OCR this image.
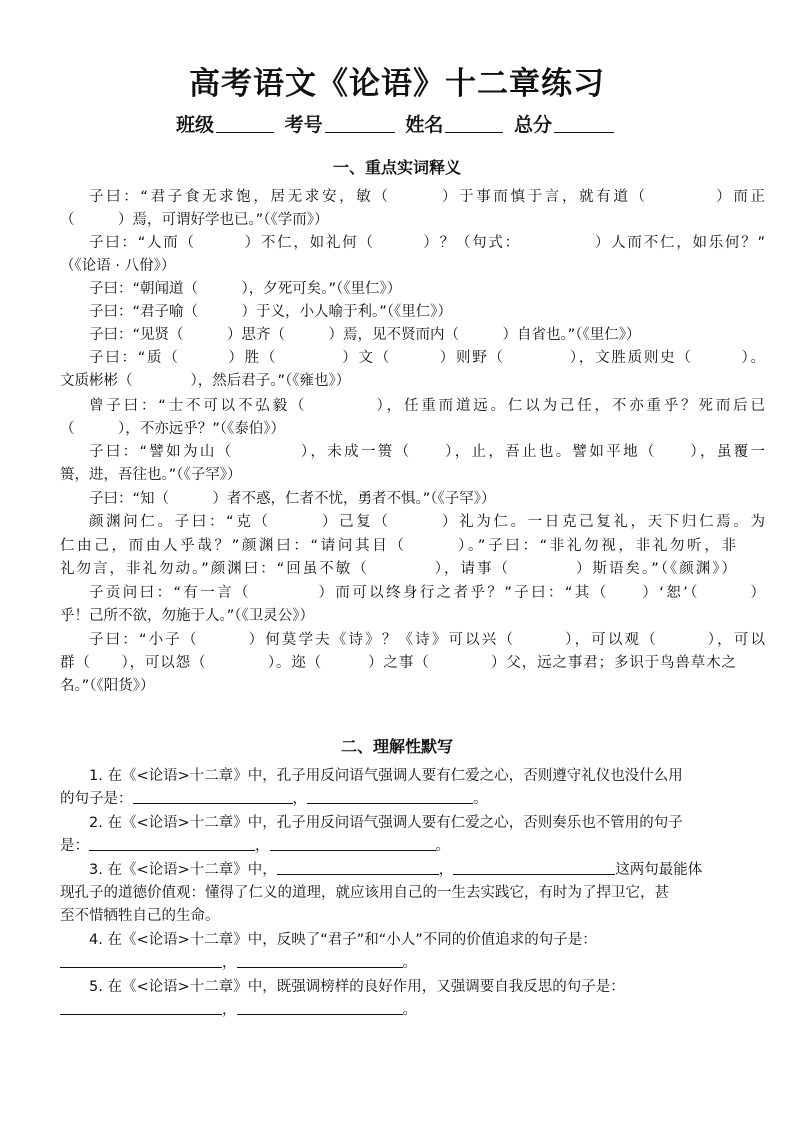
高考语文《论语》十二章练习
班级	考号	姓名	总分
一、重点实词释义
子曰：“君子食无求饱，居无求安，敏（　　　）于事而慎于言，就有道（　　　　）而正
（　　　）焉，可谓好学也已。”（《学而》）
子曰：“人而（　　　）不仁，如礼何（　　　）？（句式：　　　　　）人而不仁，如乐何？”
（《论语 · 八佾》）
子曰：“朝闻道（　　　），夕死可矣。”（《里仁》）
子曰：“君子喻（　　　）于义，小人喻于利。”（《里仁》）
子曰：“见贤（　　　）思齐（　　　）焉，见不贤而内（　　　）自省也。”（《里仁》）
子曰：“质（　　　）胜（　　　　）文（　　　）则野（　　　　），文胜质则史（　　　）。
文质彬彬（　　　　），然后君子。”（《雍也》）
曾子曰：“士不可以不弘毅（　　　　），任重而道远。仁以为己任，不亦重乎？死而后已
（　　　），不亦远乎？”（《泰伯》）
子曰：“譬如为山（　　　　），未成一篑（　　），止，吾止也。譬如平地（　　），虽覆一
篑，进，吾往也。”（《子罕》）
子曰：“知（　　　）者不惑，仁者不忧，勇者不惧。”（《子罕》）
颜渊问仁。子曰：“克（　　　）己复（　　　）礼为仁。一日克己复礼，天下归仁焉。为
仁由己，而由人乎哉？”颜渊曰：“请问其目（　　　）。”子曰：“非礼勿视，非礼勿听，非
礼勿言，非礼勿动。”颜渊曰：“回虽不敏（　　　　），请事（　　　　）斯语矣。”（《颜渊》）
子贡问曰：“有一言（　　　　）而可以终身行之者乎？”子曰：“其（　　）‘恕’（　　　）
乎！己所不欲，勿施于人。”（《卫灵公》）
子曰：“小子（　　　）何莫学夫《诗》？《诗》可以兴（　　　），可以观（　　　），可以
群（　　），可以怨（　　　　）。迩（　　　）之事（　　　　）父，远之事君；多识于鸟兽草木之
名。”（《阳货》）
二、理解性默写
1. 在《<论语>十二章》中，孔子用反问语气强调人要有仁爱之心，否则遵守礼仪也没什么用
的句子是：	，	。
2. 在《<论语>十二章》中，孔子用反问语气强调人要有仁爱之心，否则奏乐也不管用的句子
是：	，	。
3. 在《<论语>十二章》中，	，	这两句最能体
现孔子的道德价值观：懂得了仁义的道理，就应该用自己的一生去实践它，有时为了捍卫它，甚
至不惜牺牲自己的生命。
4. 在《<论语>十二章》中，反映了“君子”和“小人”不同的价值追求的句子是：
，	。
5. 在《<论语>十二章》中，既强调榜样的良好作用，又强调要自我反思的句子是：
，	。
